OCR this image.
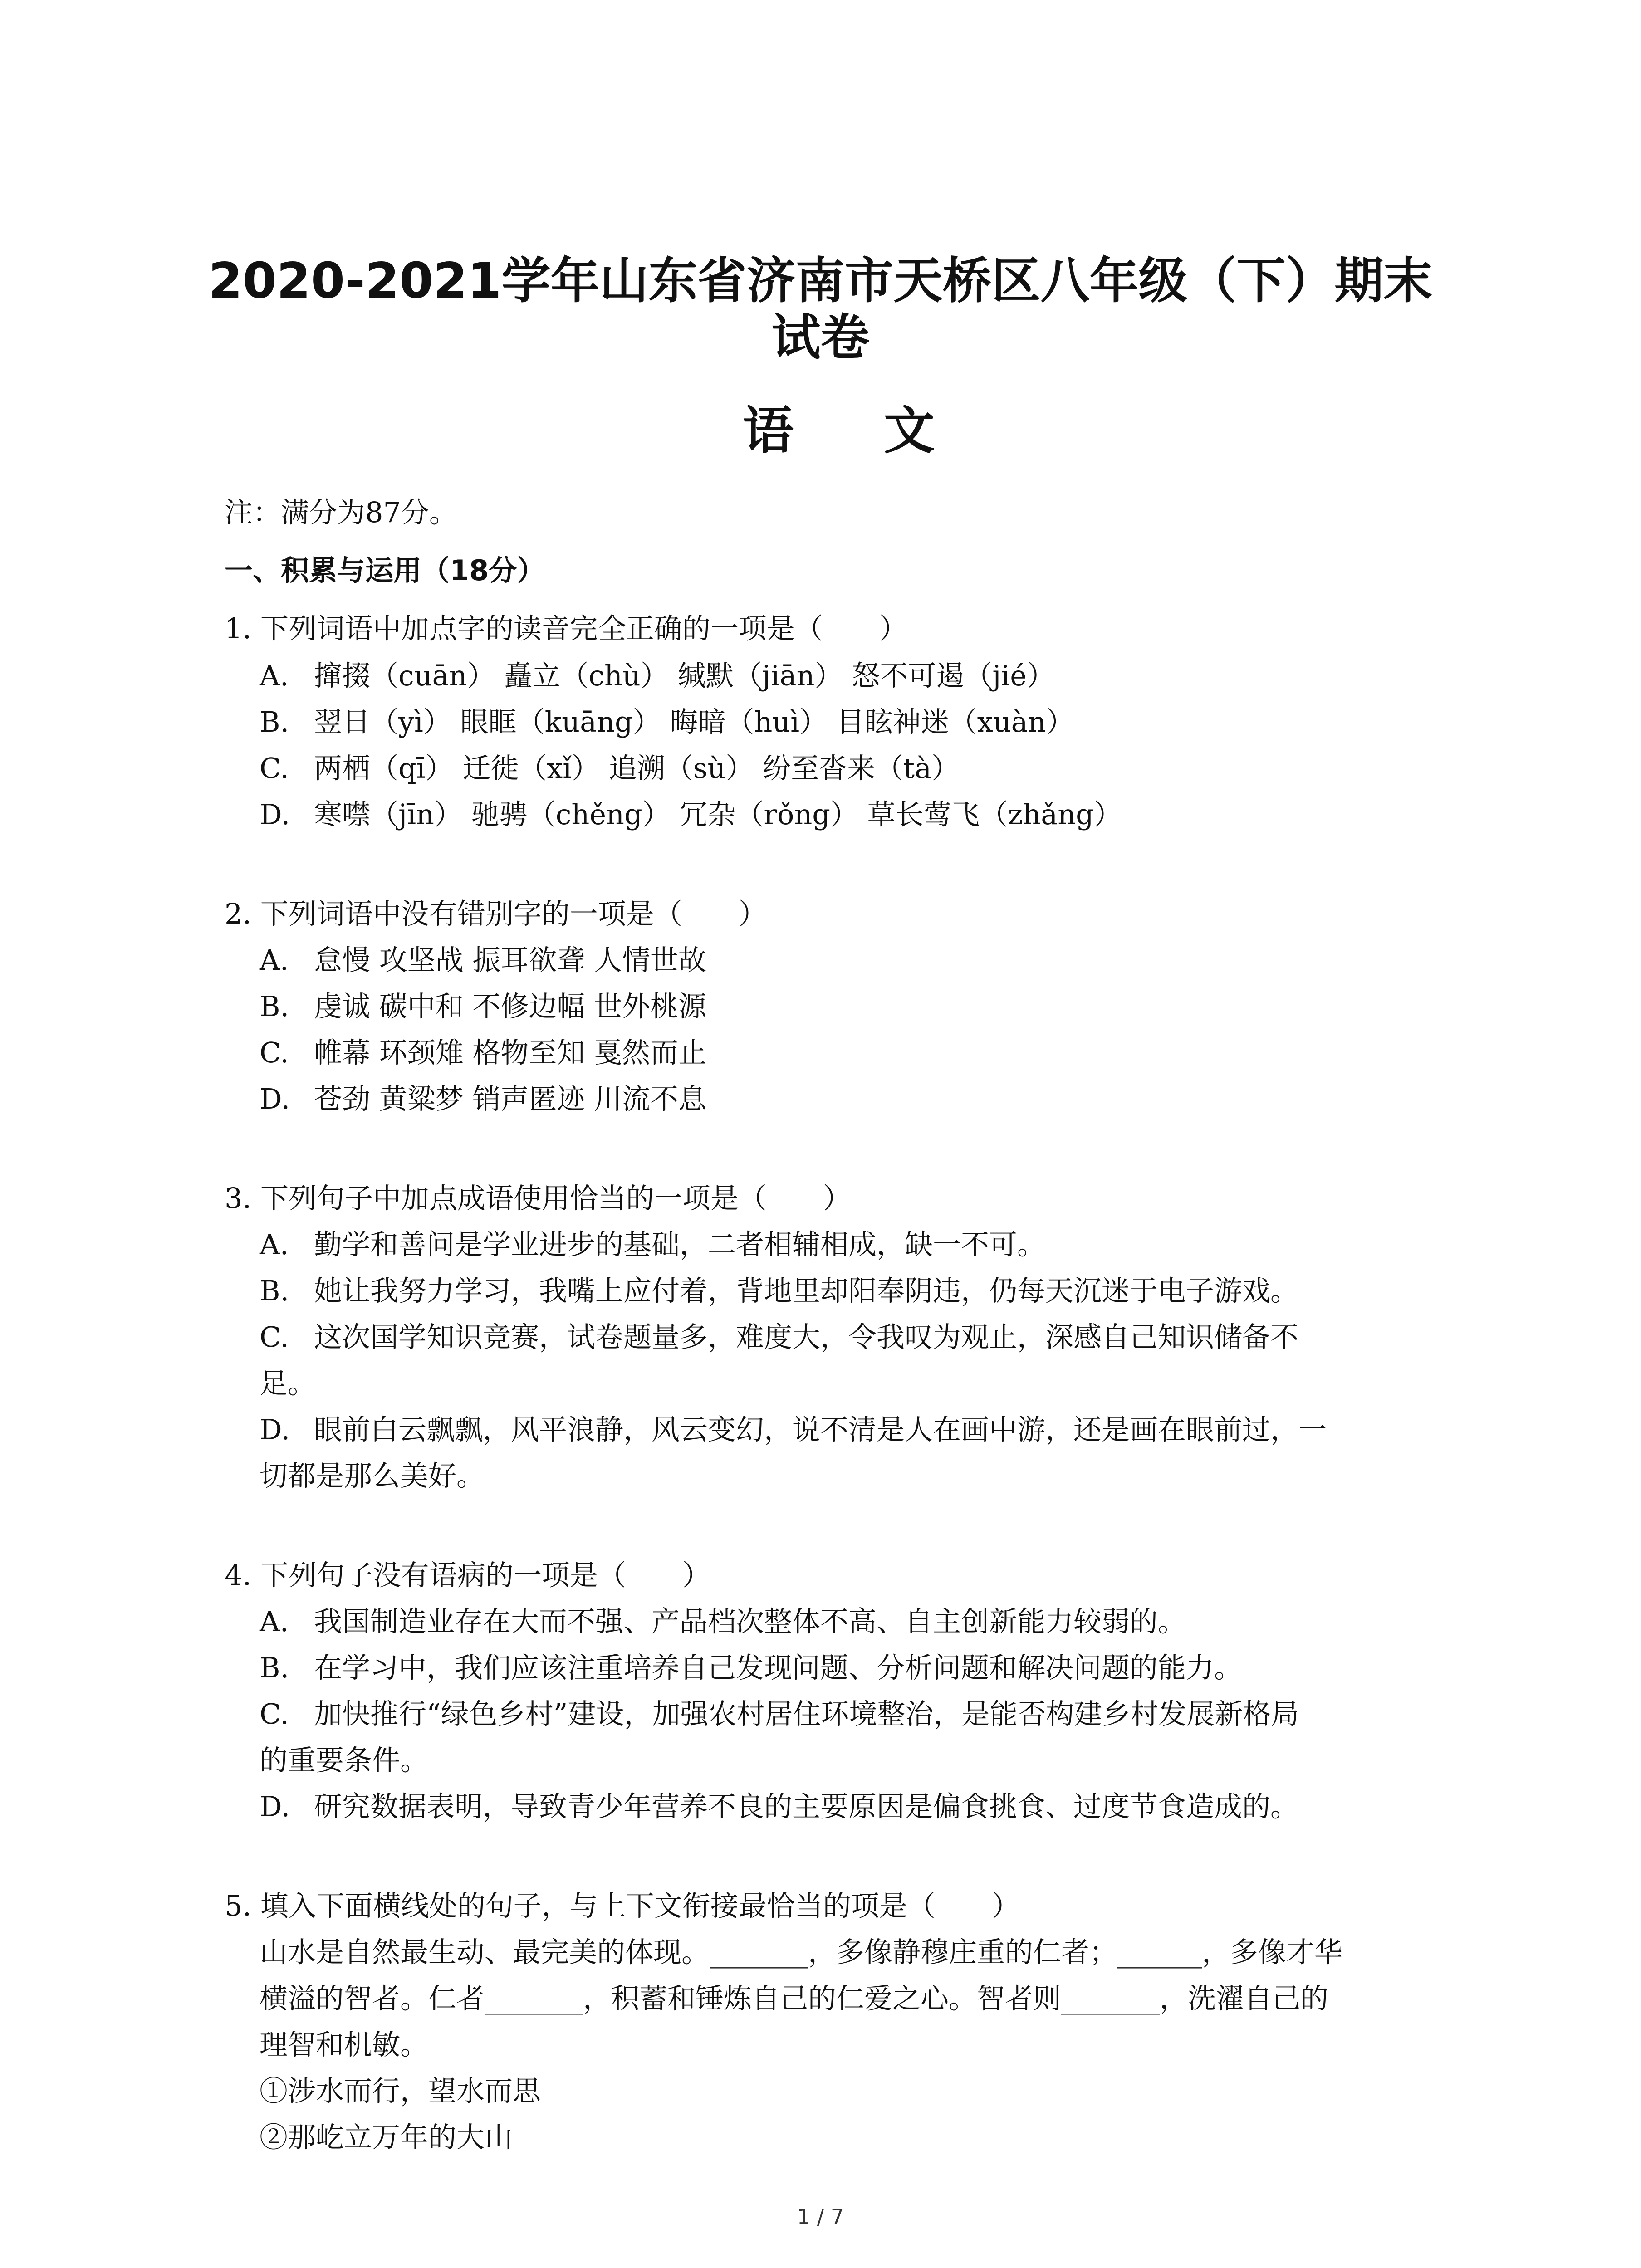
2020-2021学年山东省济南市天桥区八年级（下）期末
试卷
语 文
注：满分为87分。
一、积累与运用（18分）
1. 下列词语中加点字的读音完全正确的一项是（　　）
A. 撺掇（cuān） 矗立（chù） 缄默（jiān） 怒不可遏（jié）
B. 翌日（yì） 眼眶（kuāng） 晦暗（huì） 目眩神迷（xuàn）
C. 两栖（qī） 迁徙（xǐ） 追溯（sù） 纷至沓来（tà）
D. 寒噤（jīn） 驰骋（chěng） 冗杂（rǒng） 草长莺飞（zhǎng）
2. 下列词语中没有错别字的一项是（　　）
A. 怠慢 攻坚战 振耳欲聋 人情世故
B. 虔诚 碳中和 不修边幅 世外桃源
C. 帷幕 环颈雉 格物至知 戛然而止
D. 苍劲 黄粱梦 销声匿迹 川流不息
3. 下列句子中加点成语使用恰当的一项是（　　）
A. 勤学和善问是学业进步的基础，二者相辅相成，缺一不可。
B. 她让我努力学习，我嘴上应付着，背地里却阳奉阴违，仍每天沉迷于电子游戏。
C. 这次国学知识竞赛，试卷题量多，难度大，令我叹为观止，深感自己知识储备不
足。
D. 眼前白云飘飘，风平浪静，风云变幻，说不清是人在画中游，还是画在眼前过，一
切都是那么美好。
4. 下列句子没有语病的一项是（　　）
A. 我国制造业存在大而不强、产品档次整体不高、自主创新能力较弱的。
B. 在学习中，我们应该注重培养自己发现问题、分析问题和解决问题的能力。
C. 加快推行“绿色乡村”建设，加强农村居住环境整治，是能否构建乡村发展新格局
的重要条件。
D. 研究数据表明，导致青少年营养不良的主要原因是偏食挑食、过度节食造成的。
5. 填入下面横线处的句子，与上下文衔接最恰当的项是（　　）
山水是自然最生动、最完美的体现。_______，多像静穆庄重的仁者；______，多像才华
横溢的智者。仁者_______，积蓄和锤炼自己的仁爱之心。智者则_______，洗濯自己的
理智和机敏。
①涉水而行，望水而思
②那屹立万年的大山
1 / 7
